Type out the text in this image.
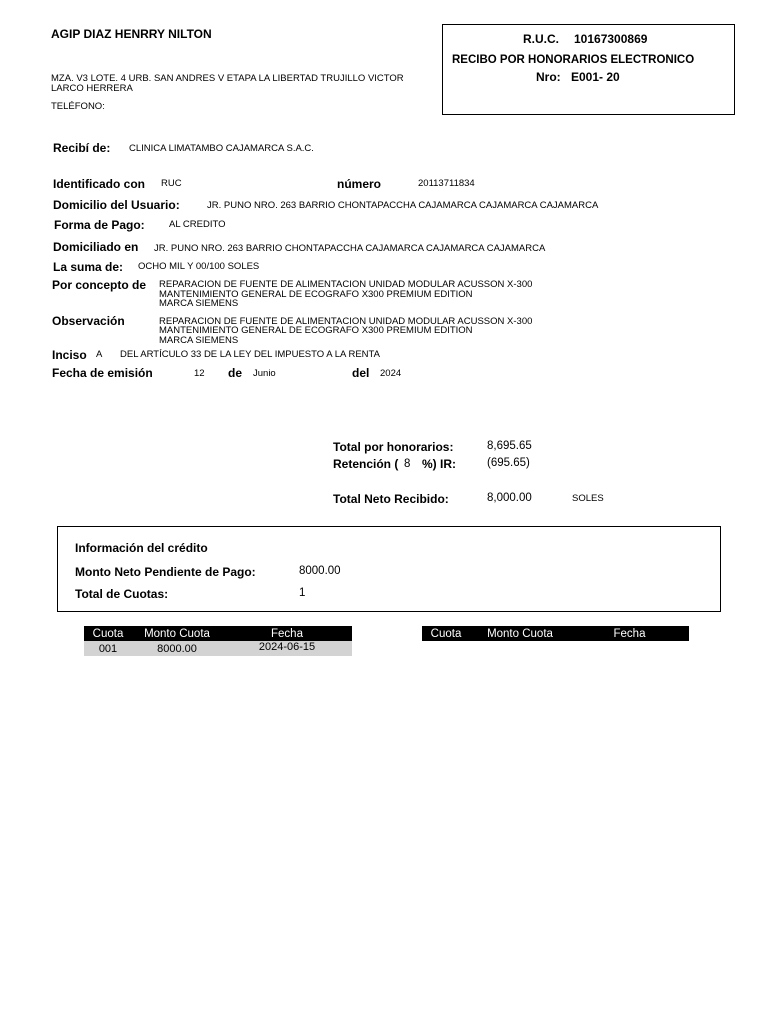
AGIP DIAZ HENRRY NILTON
MZA. V3 LOTE. 4 URB. SAN ANDRES V ETAPA LA LIBERTAD TRUJILLO VICTOR
LARCO HERRERA
TELÉFONO:
R.U.C. 10167300869
RECIBO POR HONORARIOS ELECTRONICO
Nro: E001- 20
Recibí de: CLINICA LIMATAMBO CAJAMARCA S.A.C.
Identificado con RUC	número	20113711834
Domicilio del Usuario:	JR. PUNO NRO. 263 BARRIO CHONTAPACCHA CAJAMARCA CAJAMARCA CAJAMARCA
Forma de Pago:	AL CREDITO
Domiciliado en JR. PUNO NRO. 263 BARRIO CHONTAPACCHA CAJAMARCA CAJAMARCA CAJAMARCA
La suma de: OCHO MIL Y 00/100 SOLES
Por concepto de REPARACION DE FUENTE DE ALIMENTACION UNIDAD MODULAR ACUSSON X-300
MANTENIMIENTO GENERAL DE ECOGRAFO X300 PREMIUM EDITION
MARCA SIEMENS
Observación	REPARACION DE FUENTE DE ALIMENTACION UNIDAD MODULAR ACUSSON X-300
MANTENIMIENTO GENERAL DE ECOGRAFO X300 PREMIUM EDITION
MARCA SIEMENS
Inciso A DEL ARTÍCULO 33 DE LA LEY DEL IMPUESTO A LA RENTA
Fecha de emisión	12 de Junio	del 2024
Total por honorarios:	8,695.65
Retención ( 8 %) IR:	(695.65)
Total Neto Recibido:	8,000.00	SOLES
Información del crédito
Monto Neto Pendiente de Pago:	8000.00
Total de Cuotas:	1
Cuota	Monto Cuota	Fecha
001	8000.00	2024-06-15
Cuota	Monto Cuota	Fecha
